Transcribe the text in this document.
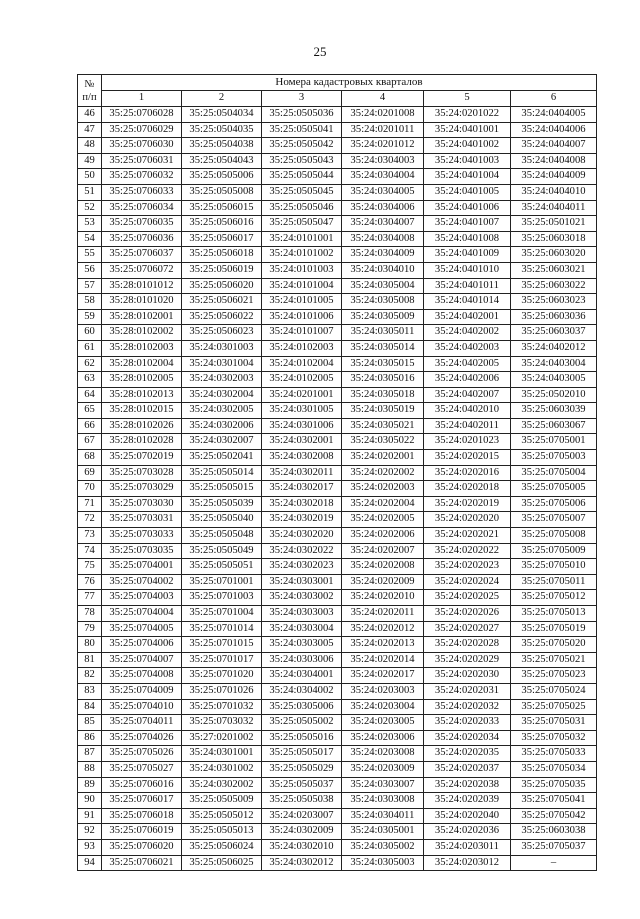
25
№
п/п	Номера кадастровых кварталов					
	1	2	3	4	5	6
46	35:25:0706028	35:25:0504034	35:25:0505036	35:24:0201008	35:24:0201022	35:24:0404005
47	35:25:0706029	35:25:0504035	35:25:0505041	35:24:0201011	35:24:0401001	35:24:0404006
48	35:25:0706030	35:25:0504038	35:25:0505042	35:24:0201012	35:24:0401002	35:24:0404007
49	35:25:0706031	35:25:0504043	35:25:0505043	35:24:0304003	35:24:0401003	35:24:0404008
50	35:25:0706032	35:25:0505006	35:25:0505044	35:24:0304004	35:24:0401004	35:24:0404009
51	35:25:0706033	35:25:0505008	35:25:0505045	35:24:0304005	35:24:0401005	35:24:0404010
52	35:25:0706034	35:25:0506015	35:25:0505046	35:24:0304006	35:24:0401006	35:24:0404011
53	35:25:0706035	35:25:0506016	35:25:0505047	35:24:0304007	35:24:0401007	35:25:0501021
54	35:25:0706036	35:25:0506017	35:24:0101001	35:24:0304008	35:24:0401008	35:25:0603018
55	35:25:0706037	35:25:0506018	35:24:0101002	35:24:0304009	35:24:0401009	35:25:0603020
56	35:25:0706072	35:25:0506019	35:24:0101003	35:24:0304010	35:24:0401010	35:25:0603021
57	35:28:0101012	35:25:0506020	35:24:0101004	35:24:0305004	35:24:0401011	35:25:0603022
58	35:28:0101020	35:25:0506021	35:24:0101005	35:24:0305008	35:24:0401014	35:25:0603023
59	35:28:0102001	35:25:0506022	35:24:0101006	35:24:0305009	35:24:0402001	35:25:0603036
60	35:28:0102002	35:25:0506023	35:24:0101007	35:24:0305011	35:24:0402002	35:25:0603037
61	35:28:0102003	35:24:0301003	35:24:0102003	35:24:0305014	35:24:0402003	35:24:0402012
62	35:28:0102004	35:24:0301004	35:24:0102004	35:24:0305015	35:24:0402005	35:24:0403004
63	35:28:0102005	35:24:0302003	35:24:0102005	35:24:0305016	35:24:0402006	35:24:0403005
64	35:28:0102013	35:24:0302004	35:24:0201001	35:24:0305018	35:24:0402007	35:25:0502010
65	35:28:0102015	35:24:0302005	35:24:0301005	35:24:0305019	35:24:0402010	35:25:0603039
66	35:28:0102026	35:24:0302006	35:24:0301006	35:24:0305021	35:24:0402011	35:25:0603067
67	35:28:0102028	35:24:0302007	35:24:0302001	35:24:0305022	35:24:0201023	35:25:0705001
68	35:25:0702019	35:25:0502041	35:24:0302008	35:24:0202001	35:24:0202015	35:25:0705003
69	35:25:0703028	35:25:0505014	35:24:0302011	35:24:0202002	35:24:0202016	35:25:0705004
70	35:25:0703029	35:25:0505015	35:24:0302017	35:24:0202003	35:24:0202018	35:25:0705005
71	35:25:0703030	35:25:0505039	35:24:0302018	35:24:0202004	35:24:0202019	35:25:0705006
72	35:25:0703031	35:25:0505040	35:24:0302019	35:24:0202005	35:24:0202020	35:25:0705007
73	35:25:0703033	35:25:0505048	35:24:0302020	35:24:0202006	35:24:0202021	35:25:0705008
74	35:25:0703035	35:25:0505049	35:24:0302022	35:24:0202007	35:24:0202022	35:25:0705009
75	35:25:0704001	35:25:0505051	35:24:0302023	35:24:0202008	35:24:0202023	35:25:0705010
76	35:25:0704002	35:25:0701001	35:24:0303001	35:24:0202009	35:24:0202024	35:25:0705011
77	35:25:0704003	35:25:0701003	35:24:0303002	35:24:0202010	35:24:0202025	35:25:0705012
78	35:25:0704004	35:25:0701004	35:24:0303003	35:24:0202011	35:24:0202026	35:25:0705013
79	35:25:0704005	35:25:0701014	35:24:0303004	35:24:0202012	35:24:0202027	35:25:0705019
80	35:25:0704006	35:25:0701015	35:24:0303005	35:24:0202013	35:24:0202028	35:25:0705020
81	35:25:0704007	35:25:0701017	35:24:0303006	35:24:0202014	35:24:0202029	35:25:0705021
82	35:25:0704008	35:25:0701020	35:24:0304001	35:24:0202017	35:24:0202030	35:25:0705023
83	35:25:0704009	35:25:0701026	35:24:0304002	35:24:0203003	35:24:0202031	35:25:0705024
84	35:25:0704010	35:25:0701032	35:25:0305006	35:24:0203004	35:24:0202032	35:25:0705025
85	35:25:0704011	35:25:0703032	35:25:0505002	35:24:0203005	35:24:0202033	35:25:0705031
86	35:25:0704026	35:27:0201002	35:25:0505016	35:24:0203006	35:24:0202034	35:25:0705032
87	35:25:0705026	35:24:0301001	35:25:0505017	35:24:0203008	35:24:0202035	35:25:0705033
88	35:25:0705027	35:24:0301002	35:25:0505029	35:24:0203009	35:24:0202037	35:25:0705034
89	35:25:0706016	35:24:0302002	35:25:0505037	35:24:0303007	35:24:0202038	35:25:0705035
90	35:25:0706017	35:25:0505009	35:25:0505038	35:24:0303008	35:24:0202039	35:25:0705041
91	35:25:0706018	35:25:0505012	35:24:0203007	35:24:0304011	35:24:0202040	35:25:0705042
92	35:25:0706019	35:25:0505013	35:24:0302009	35:24:0305001	35:24:0202036	35:25:0603038
93	35:25:0706020	35:25:0506024	35:24:0302010	35:24:0305002	35:24:0203011	35:25:0705037
94	35:25:0706021	35:25:0506025	35:24:0302012	35:24:0305003	35:24:0203012	–
